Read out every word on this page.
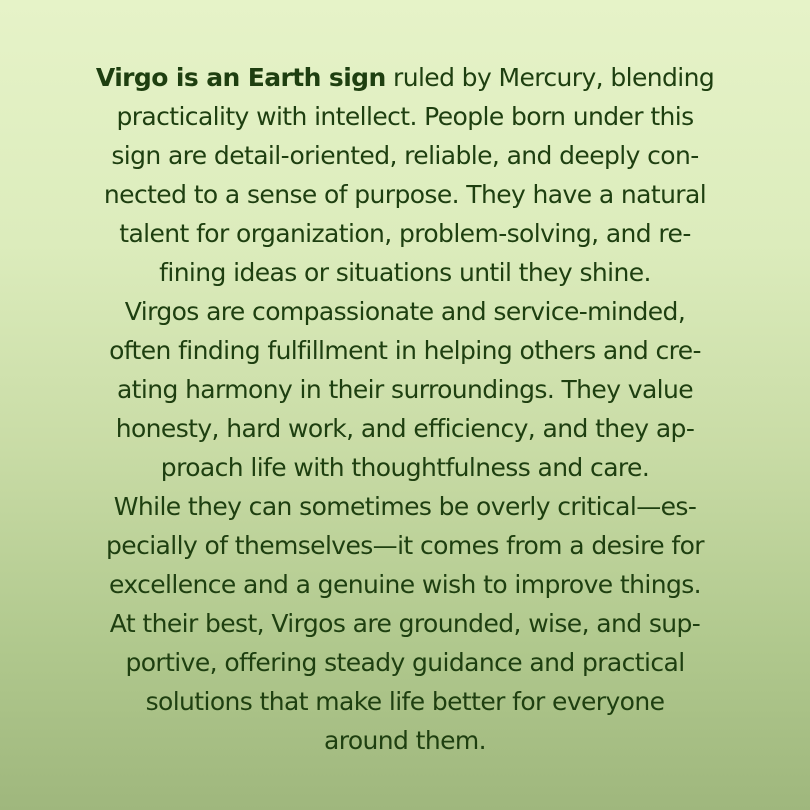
Virgo is an Earth sign ruled by Mercury, blending
practicality with intellect. People born under this
sign are detail-oriented, reliable, and deeply con-
nected to a sense of purpose. They have a natural
talent for organization, problem-solving, and re-
fining ideas or situations until they shine.
Virgos are compassionate and service-minded,
often finding fulfillment in helping others and cre-
ating harmony in their surroundings. They value
honesty, hard work, and efficiency, and they ap-
proach life with thoughtfulness and care.
While they can sometimes be overly critical—es-
pecially of themselves—it comes from a desire for
excellence and a genuine wish to improve things.
At their best, Virgos are grounded, wise, and sup-
portive, offering steady guidance and practical
solutions that make life better for everyone
around them.
